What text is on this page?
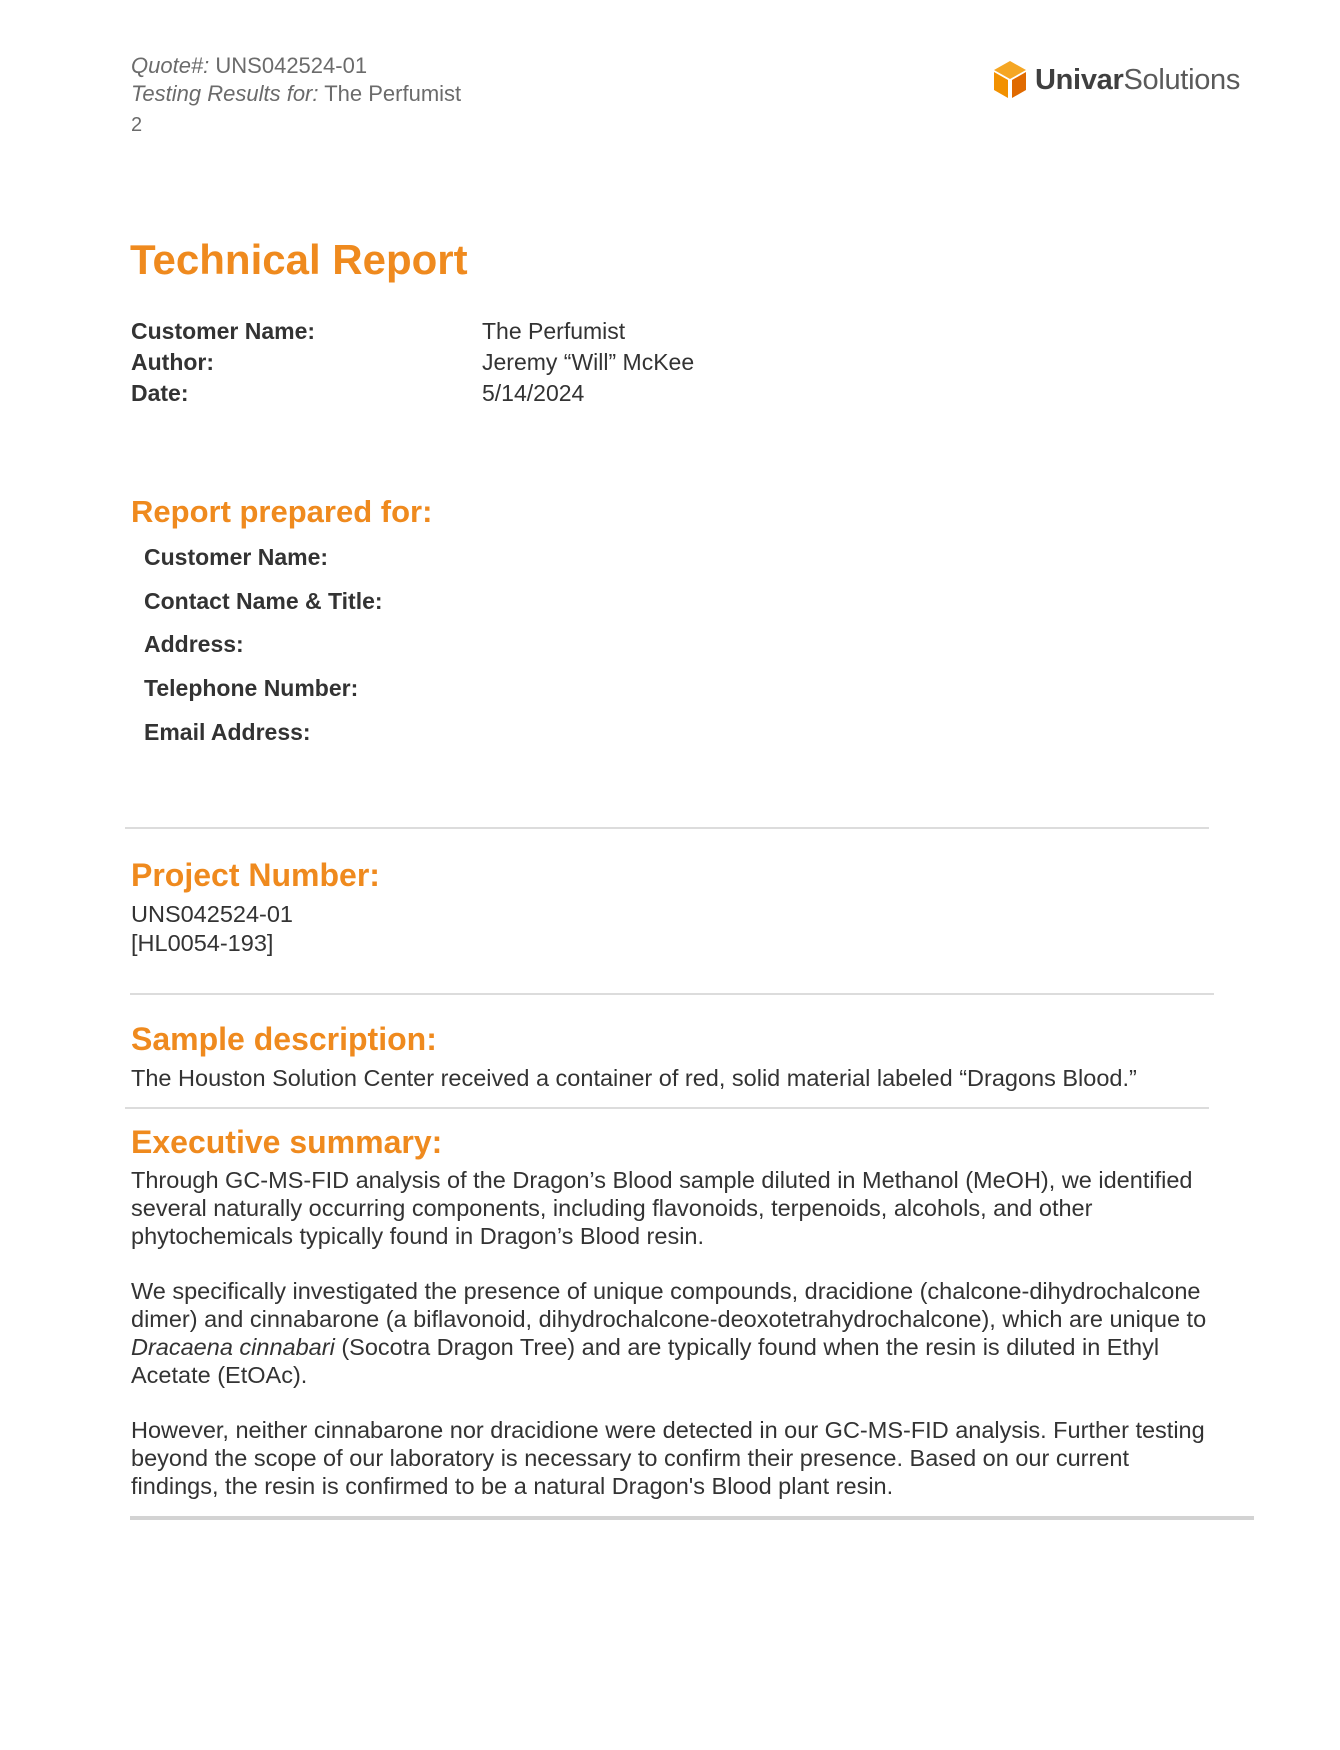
Quote#: UNS042524-01
Testing Results for: The Perfumist
2
UnivarSolutions
Technical Report
Customer Name:	The Perfumist
Author:	Jeremy “Will” McKee
Date:	5/14/2024
Report prepared for:
Customer Name:
Contact Name & Title:
Address:
Telephone Number:
Email Address:
Project Number:
UNS042524-01
[HL0054-193]
Sample description:
The Houston Solution Center received a container of red, solid material labeled “Dragons Blood.”
Executive summary:
Through GC-MS-FID analysis of the Dragon’s Blood sample diluted in Methanol (MeOH), we identified
several naturally occurring components, including flavonoids, terpenoids, alcohols, and other
phytochemicals typically found in Dragon’s Blood resin.
We specifically investigated the presence of unique compounds, dracidione (chalcone-dihydrochalcone
dimer) and cinnabarone (a biflavonoid, dihydrochalcone-deoxotetrahydrochalcone), which are unique to
Dracaena cinnabari (Socotra Dragon Tree) and are typically found when the resin is diluted in Ethyl
Acetate (EtOAc).
However, neither cinnabarone nor dracidione were detected in our GC-MS-FID analysis. Further testing
beyond the scope of our laboratory is necessary to confirm their presence. Based on our current
findings, the resin is confirmed to be a natural Dragon's Blood plant resin.
